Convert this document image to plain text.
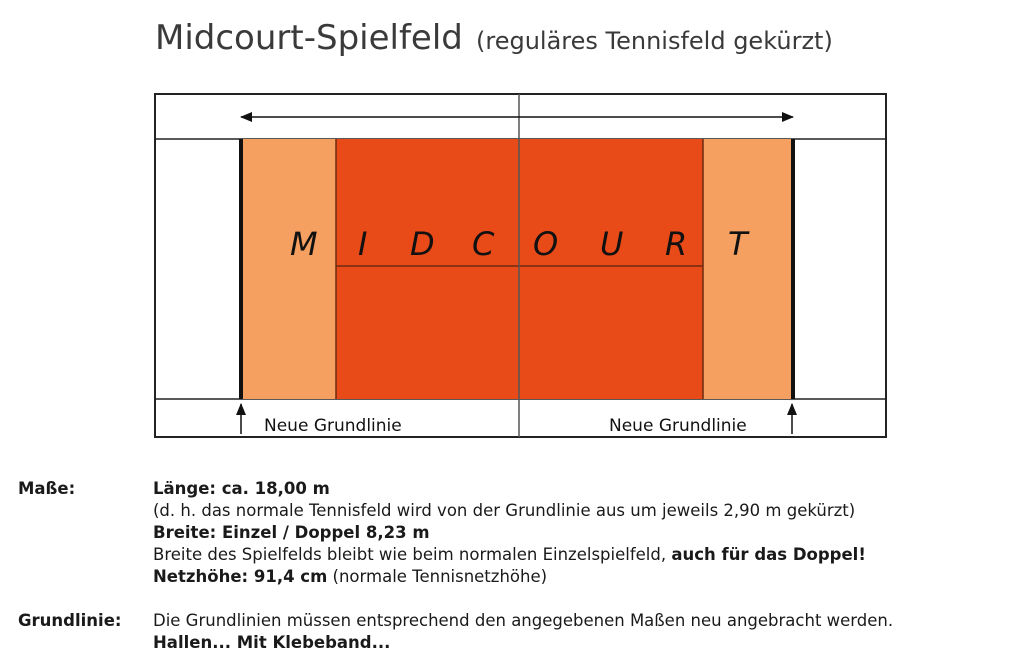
Midcourt-Spielfeld (reguläres Tennisfeld gekürzt)
M I D C O U R T
Neue Grundlinie	Neue Grundlinie
Maße:	Länge: ca. 18,00 m
(d. h. das normale Tennisfeld wird von der Grundlinie aus um jeweils 2,90 m gekürzt)
Breite: Einzel / Doppel 8,23 m
Breite des Spielfelds bleibt wie beim normalen Einzelspielfeld, auch für das Doppel!
Netzhöhe: 91,4 cm (normale Tennisnetzhöhe)
Grundlinie:	Die Grundlinien müssen entsprechend den angegebenen Maßen neu angebracht werden.
Hallen... Mit Klebeband...
